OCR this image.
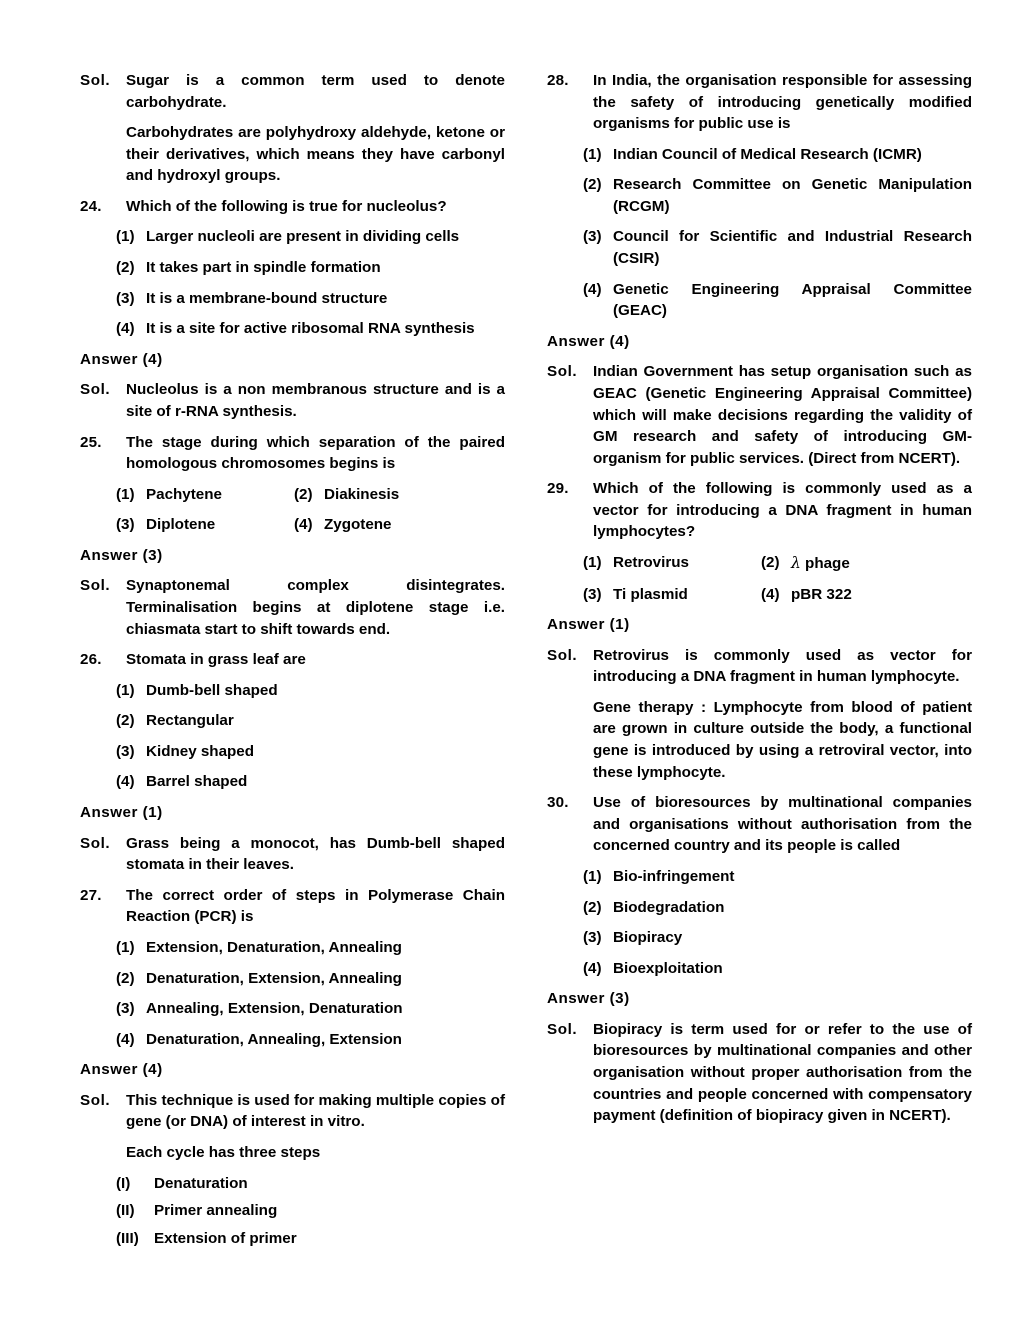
Sol.	Sugar is a common term used to denote carbohydrate.
Carbohydrates are polyhydroxy aldehyde, ketone or their derivatives, which means they have carbonyl and hydroxyl groups.
24.	Which of the following is true for nucleolus?
(1) Larger nucleoli are present in dividing cells
(2) It takes part in spindle formation
(3) It is a membrane-bound structure
(4) It is a site for active ribosomal RNA synthesis
Answer (4)
Sol.	Nucleolus is a non membranous structure and is a site of r-RNA synthesis.
25.	The stage during which separation of the paired homologous chromosomes begins is
(1) Pachytene	(2) Diakinesis
(3) Diplotene	(4) Zygotene
Answer (3)
Sol.	Synaptonemal complex disintegrates. Terminalisation begins at diplotene stage i.e. chiasmata start to shift towards end.
26.	Stomata in grass leaf are
(1) Dumb-bell shaped
(2) Rectangular
(3) Kidney shaped
(4) Barrel shaped
Answer (1)
Sol.	Grass being a monocot, has Dumb-bell shaped stomata in their leaves.
27.	The correct order of steps in Polymerase Chain Reaction (PCR) is
(1) Extension, Denaturation, Annealing
(2) Denaturation, Extension, Annealing
(3) Annealing, Extension, Denaturation
(4) Denaturation, Annealing, Extension
Answer (4)
Sol.	This technique is used for making multiple copies of gene (or DNA) of interest in vitro.
Each cycle has three steps
(I)	Denaturation
(II)	Primer annealing
(III)	Extension of primer
28.	In India, the organisation responsible for assessing the safety of introducing genetically modified organisms for public use is
(1) Indian Council of Medical Research (ICMR)
(2) Research Committee on Genetic Manipulation (RCGM)
(3) Council for Scientific and Industrial Research (CSIR)
(4) Genetic Engineering Appraisal Committee (GEAC)
Answer (4)
Sol.	Indian Government has setup organisation such as GEAC (Genetic Engineering Appraisal Committee) which will make decisions regarding the validity of GM research and safety of introducing GM-organism for public services. (Direct from NCERT).
29.	Which of the following is commonly used as a vector for introducing a DNA fragment in human lymphocytes?
(1) Retrovirus	(2) λ phage
(3) Ti plasmid	(4) pBR 322
Answer (1)
Sol.	Retrovirus is commonly used as vector for introducing a DNA fragment in human lymphocyte.
Gene therapy : Lymphocyte from blood of patient are grown in culture outside the body, a functional gene is introduced by using a retroviral vector, into these lymphocyte.
30.	Use of bioresources by multinational companies and organisations without authorisation from the concerned country and its people is called
(1) Bio-infringement
(2) Biodegradation
(3) Biopiracy
(4) Bioexploitation
Answer (3)
Sol.	Biopiracy is term used for or refer to the use of bioresources by multinational companies and other organisation without proper authorisation from the countries and people concerned with compensatory payment (definition of biopiracy given in NCERT).
